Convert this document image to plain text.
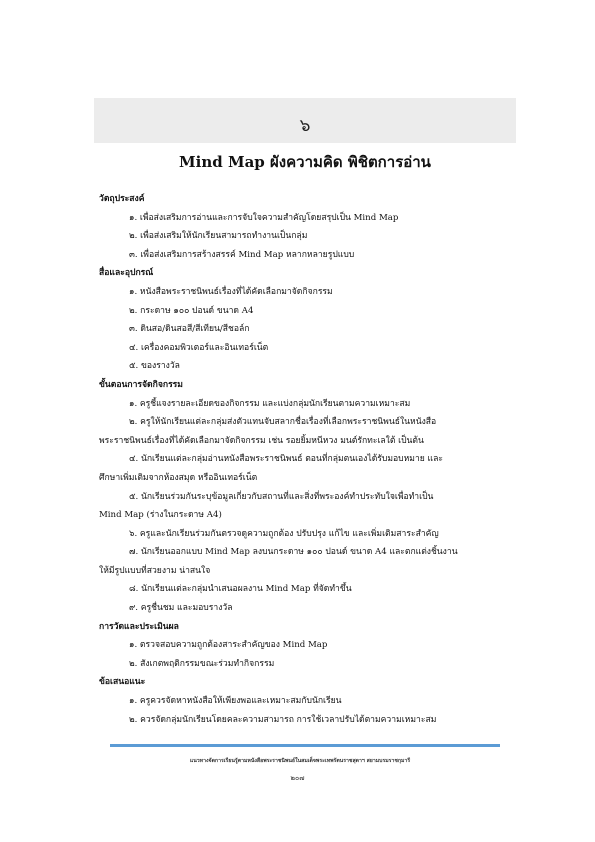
๖
Mind Map ผังความคิด พิชิตการอ่าน
วัตถุประสงค์
๑. เพื่อส่งเสริมการอ่านและการจับใจความสำคัญโดยสรุปเป็น Mind Map
๒. เพื่อส่งเสริมให้นักเรียนสามารถทำงานเป็นกลุ่ม
๓. เพื่อส่งเสริมการสร้างสรรค์ Mind Map หลากหลายรูปแบบ
สื่อและอุปกรณ์
๑. หนังสือพระราชนิพนธ์เรื่องที่ได้คัดเลือกมาจัดกิจกรรม
๒. กระดาษ ๑๐๐ ปอนด์ ขนาด A4
๓. ดินสอ/ดินสอสี/สีเทียน/สีชอล์ก
๔. เครื่องคอมพิวเตอร์และอินเทอร์เน็ต
๕. ของรางวัล
ขั้นตอนการจัดกิจกรรม
๑. ครูชี้แจงรายละเอียดของกิจกรรม และแบ่งกลุ่มนักเรียนตามความเหมาะสม
๒. ครูให้นักเรียนแต่ละกลุ่มส่งตัวแทนจับสลากชื่อเรื่องที่เลือกพระราชนิพนธ์ในหนังสือ
พระราชนิพนธ์เรื่องที่ได้คัดเลือกมาจัดกิจกรรม เช่น รอยยิ้มหนีหวง มนต์รักทะเลใต้ เป็นต้น
๔. นักเรียนแต่ละกลุ่มอ่านหนังสือพระราชนิพนธ์ ตอนที่กลุ่มตนเองได้รับมอบหมาย และ
ศึกษาเพิ่มเติมจากห้องสมุด หรืออินเทอร์เน็ต
๕. นักเรียนร่วมกันระบุข้อมูลเกี่ยวกับสถานที่และสิ่งที่พระองค์ทำประทับใจเพื่อทำเป็น
Mind Map (ร่างในกระดาษ A4)
๖. ครูและนักเรียนร่วมกันตรวจดูความถูกต้อง ปรับปรุง แก้ไข และเพิ่มเติมสาระสำคัญ
๗. นักเรียนออกแบบ Mind Map ลงบนกระดาษ ๑๐๐ ปอนด์ ขนาด A4 และตกแต่งชิ้นงาน
ให้มีรูปแบบที่สวยงาม น่าสนใจ
๘. นักเรียนแต่ละกลุ่มนำเสนอผลงาน Mind Map ที่จัดทำขึ้น
๙. ครูชื่นชม และมอบรางวัล
การวัดและประเมินผล
๑. ตรวจสอบความถูกต้องสาระสำคัญของ Mind Map
๒. สังเกตพฤติกรรมขณะร่วมทำกิจกรรม
ข้อเสนอแนะ
๑. ครูควรจัดหาหนังสือให้เพียงพอและเหมาะสมกับนักเรียน
๒. ควรจัดกลุ่มนักเรียนโดยคละความสามารถ การใช้เวลาปรับได้ตามความเหมาะสม
แนวทางจัดการเรียนรู้ตามหนังสือพระราชนิพนธ์ในสมเด็จพระเทพรัตนราชสุดาฯ สยามบรมราชกุมารี
๒๐๗
